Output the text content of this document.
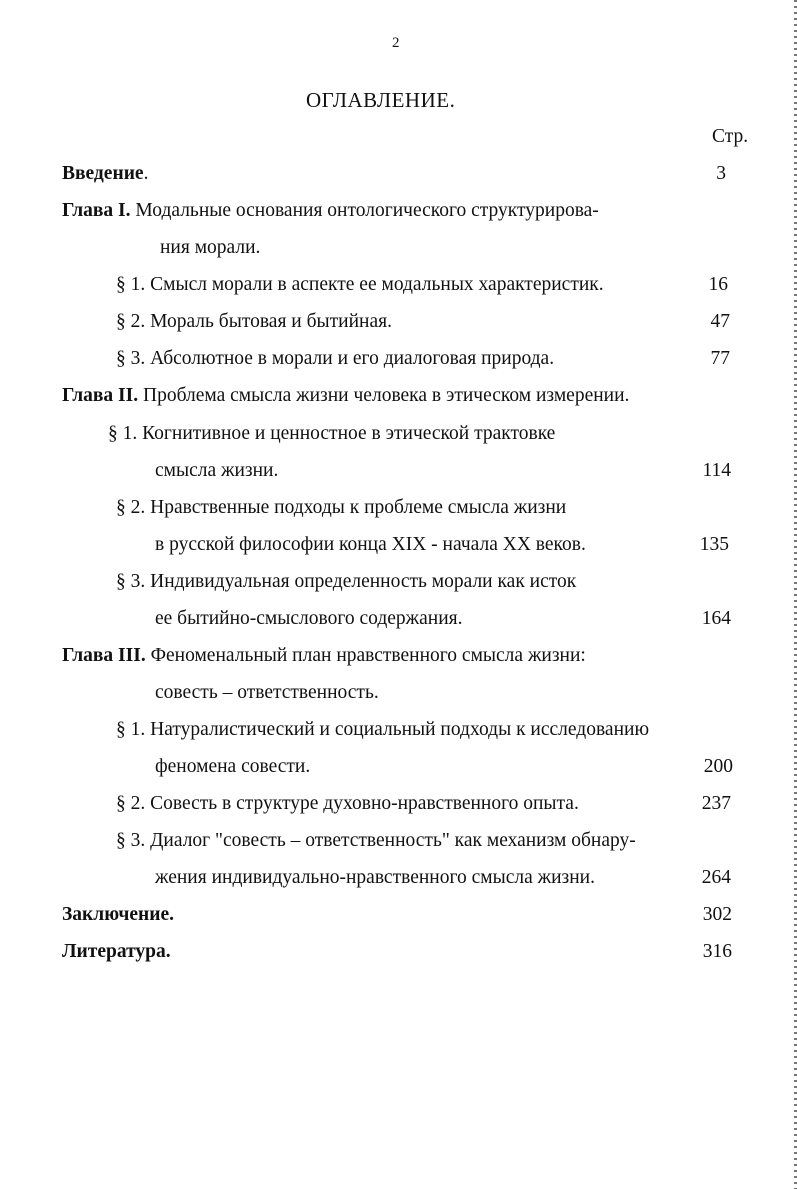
2
ОГЛАВЛЕНИЕ.
Стр.
Введение.	3
Глава I. Модальные основания онтологического структурирова-
ния морали.
§ 1. Смысл морали в аспекте ее модальных характеристик.	16
§ 2. Мораль бытовая и бытийная.	47
§ 3. Абсолютное в морали и его диалоговая природа.	77
Глава II. Проблема смысла жизни человека в этическом измерении.
§ 1. Когнитивное и ценностное в этической трактовке
смысла жизни.	114
§ 2. Нравственные подходы к проблеме смысла жизни
в русской философии конца XIX - начала XX веков.	135
§ 3. Индивидуальная определенность морали как исток
ее бытийно-смыслового содержания.	164
Глава III. Феноменальный план нравственного смысла жизни:
совесть – ответственность.
§ 1. Натуралистический и социальный подходы к исследованию
феномена совести.	200
§ 2. Совесть в структуре духовно-нравственного опыта.	237
§ 3. Диалог "совесть – ответственность" как механизм обнару-
жения индивидуально-нравственного смысла жизни.	264
Заключение.	302
Литература.	316
